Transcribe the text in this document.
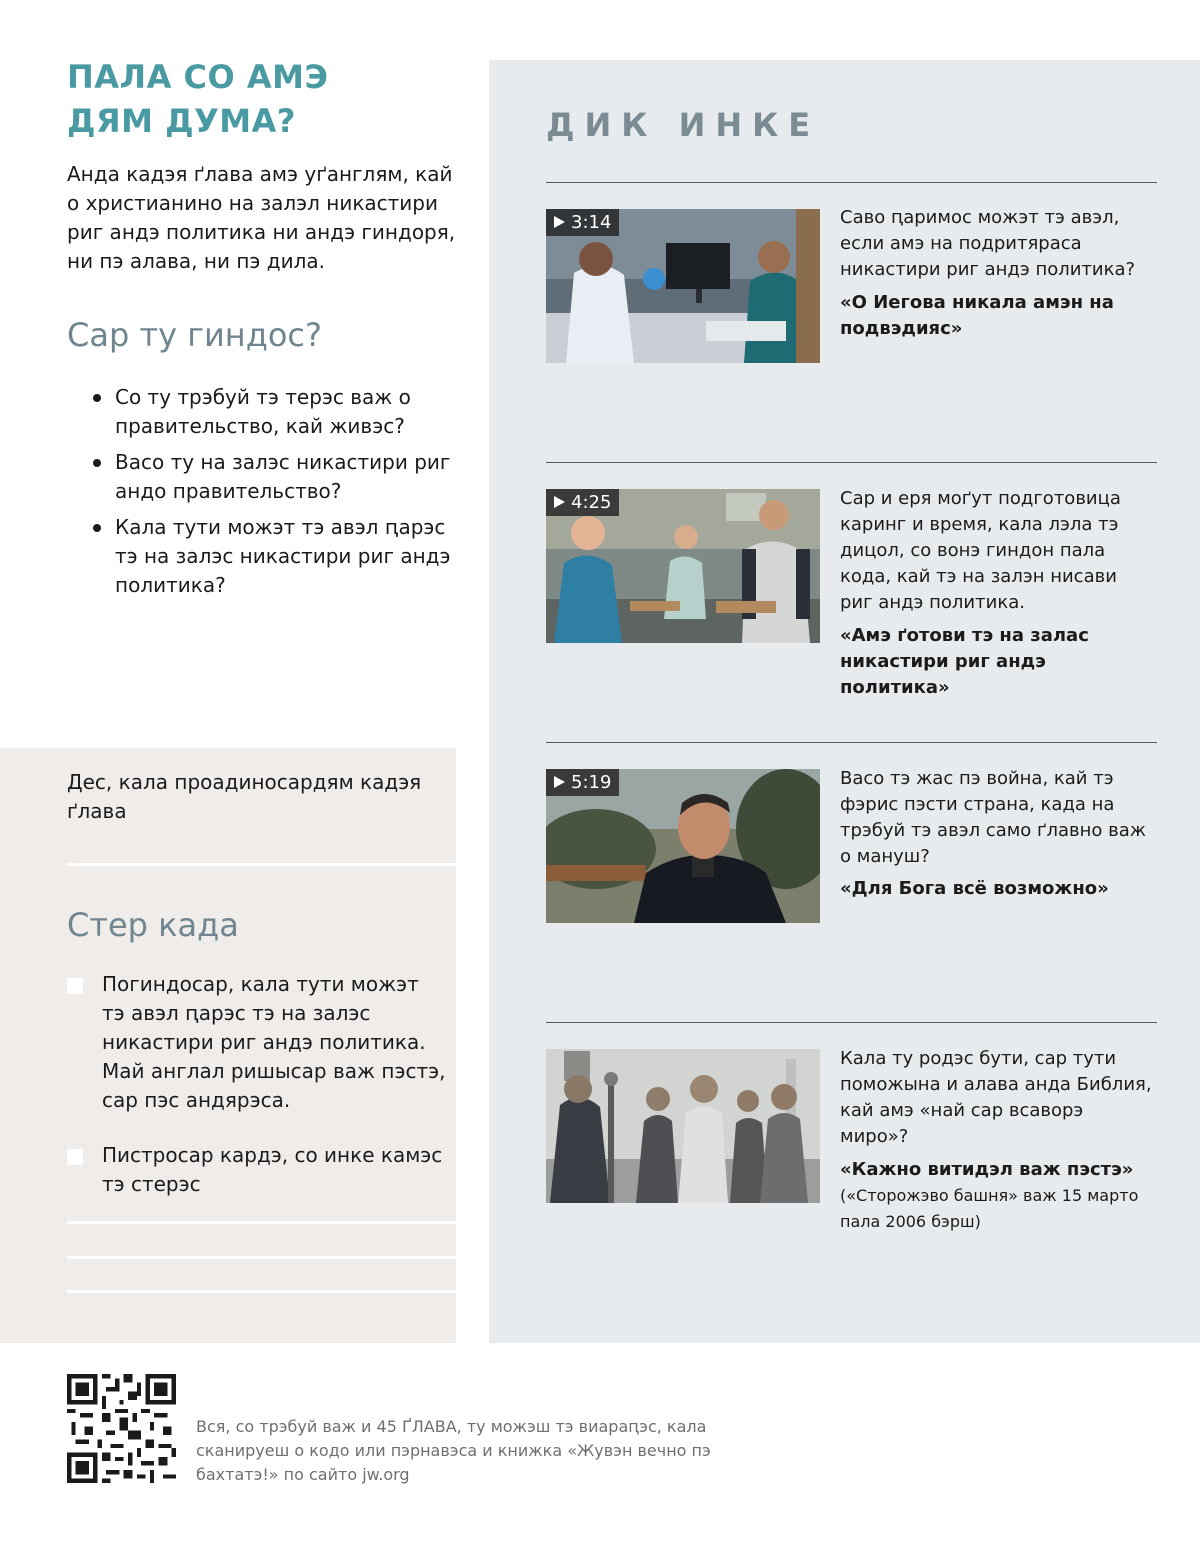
ПАЛА СО АМЭ
ДЯМ ДУМА?

Анда кадэя ґлава амэ уґанглям, кай о христианино на залэл никастири риг андэ политика ни андэ гиндоря, ни пэ алава, ни пэ дила.

Сар ту гиндос?
Со ту трэбуй тэ терэс важ о правительство, кай живэс?
Васо ту на залэс никастири риг андо правительство?
Кала тути можэт тэ авэл ԥарэс тэ на залэс никастири риг андэ политика?
Дес, кала проадиносардям кадэя ґлава
Стер када
Погиндосар, кала тути можэт тэ авэл ԥарэс тэ на залэс никастири риг андэ политика. Май англал ришысар важ пэстэ, сар пэс андярэса.
Пистросар кардэ, со инке камэс тэ стерэс
ДИК ИНКЕ
3:14	Саво ԥаримос можэт тэ авэл, если амэ на подритяраса никастири риг андэ политика?

«О Иегова никала амэн на подвэдияс»

4:25	Сар и еря моґут подготовица каринг и время, кала лэла тэ дицол, со вонэ гиндон пала кода, кай тэ на залэн нисави риг андэ политика.

«Амэ ґотови тэ на залас никастири риг андэ политика»

5:19	Васо тэ жас пэ война, кай тэ фэрис пэсти страна, када на трэбуй тэ авэл само ґлавно важ о мануш?

«Для Бога всё возможно»

Кала ту родэс бути, сар тути поможына и алава анда Библия, кай амэ «най сар всаворэ миро»?

«Кажно витидэл важ пэстэ»

(«Сторожэво башня» важ 15 марто пала 2006 бэрш)

Вся, со трэбуй важ и 45 ҐЛАВА, ту можэш тэ виараԥэс, кала сканируеш о кодо или пэрнавэса и книжка «Жувэн вечно пэ бахтатэ!» по сайто jw.org
